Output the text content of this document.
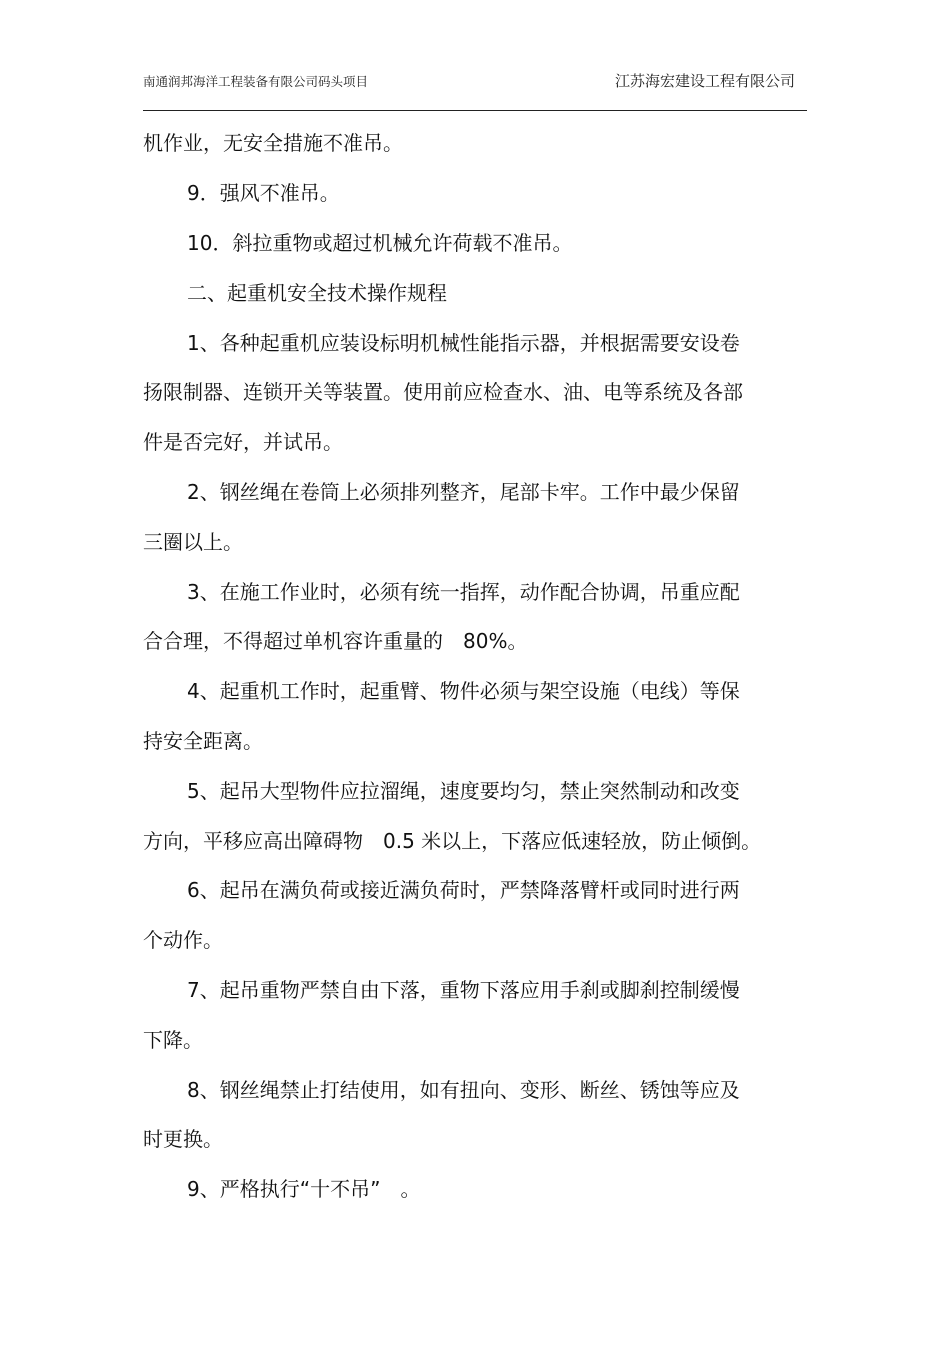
南通润邦海洋工程装备有限公司码头项目	江苏海宏建设工程有限公司
机作业，无安全措施不准吊。
9．强风不准吊。
10．斜拉重物或超过机械允许荷载不准吊。
二、起重机安全技术操作规程
1、各种起重机应装设标明机械性能指示器，并根据需要安设卷
扬限制器、连锁开关等装置。使用前应检查水、油、电等系统及各部
件是否完好，并试吊。
2、钢丝绳在卷筒上必须排列整齐，尾部卡牢。工作中最少保留
三圈以上。
3、在施工作业时，必须有统一指挥，动作配合协调，吊重应配
合合理，不得超过单机容许重量的　80%。
4、起重机工作时，起重臂、物件必须与架空设施（电线）等保
持安全距离。
5、起吊大型物件应拉溜绳，速度要均匀，禁止突然制动和改变
方向，平移应高出障碍物　0.5 米以上，下落应低速轻放，防止倾倒。
6、起吊在满负荷或接近满负荷时，严禁降落臂杆或同时进行两
个动作。
7、起吊重物严禁自由下落，重物下落应用手刹或脚刹控制缓慢
下降。
8、钢丝绳禁止打结使用，如有扭向、变形、断丝、锈蚀等应及
时更换。
9、严格执行“十不吊”　。
